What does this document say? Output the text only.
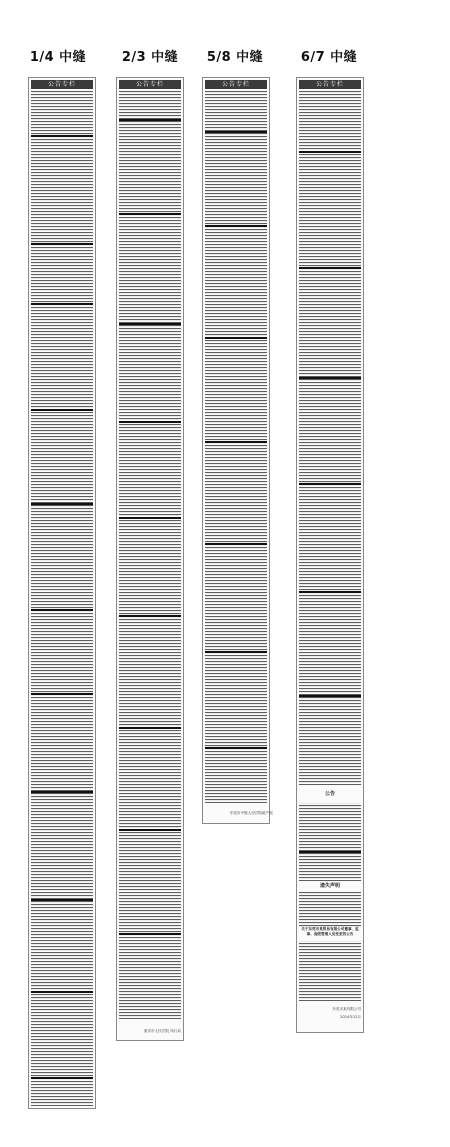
1/4 中缝	2/3 中缝	5/8 中缝	6/7 中缝
公告专栏	公告专栏
重庆市人民法院 执行局
公告专栏
东莞市中级人民法院破产庭
公告专栏
公告
遗失声明
关于东莞市某贸易有限公司董事、监事、高级管理人员变更的公告
东莞市某有限公司
2024年12月
